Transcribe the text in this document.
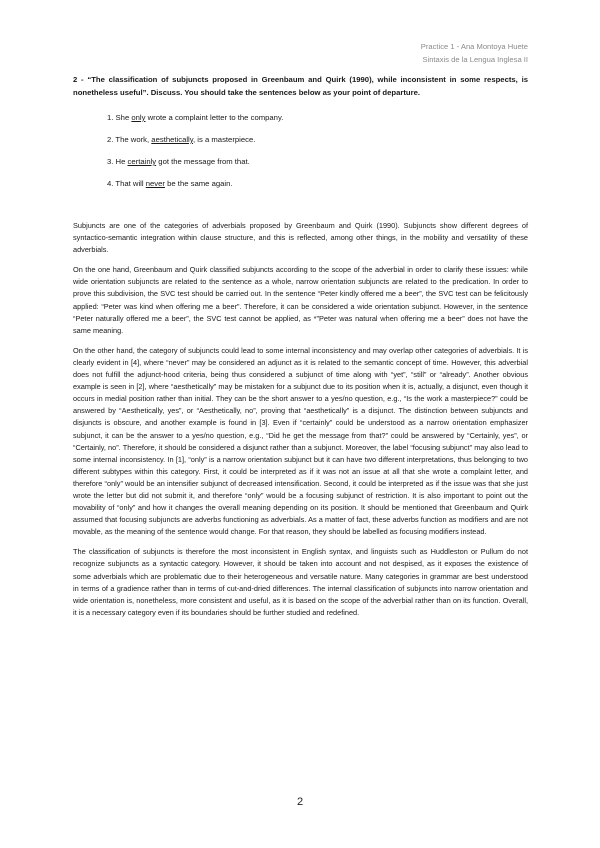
Practice 1 - Ana Montoya Huete
Sintaxis de la Lengua Inglesa II

2 - “The classification of subjuncts proposed in Greenbaum and Quirk (1990), while inconsistent in some respects, is nonetheless useful”. Discuss. You should take the sentences below as your point of departure.

1. She only wrote a complaint letter to the company.
2. The work, aesthetically, is a masterpiece.
3. He certainly got the message from that.
4. That will never be the same again.

Subjuncts are one of the categories of adverbials proposed by Greenbaum and Quirk (1990). Subjuncts show different degrees of syntactico-semantic integration within clause structure, and this is reflected, among other things, in the mobility and versatility of these adverbials.

On the one hand, Greenbaum and Quirk classified subjuncts according to the scope of the adverbial in order to clarify these issues: while wide orientation subjuncts are related to the sentence as a whole, narrow orientation subjuncts are related to the predication. In order to prove this subdivision, the SVC test should be carried out. In the sentence “Peter kindly offered me a beer”, the SVC test can be felicitously applied: “Peter was kind when offering me a beer”. Therefore, it can be considered a wide orientation subjunct. However, in the sentence “Peter naturally offered me a beer”, the SVC test cannot be applied, as *”Peter was natural when offering me a beer” does not have the same meaning.

On the other hand, the category of subjuncts could lead to some internal inconsistency and may overlap other categories of adverbials. It is clearly evident in [4], where “never” may be considered an adjunct as it is related to the semantic concept of time. However, this adverbial does not fulfill the adjunct-hood criteria, being thus considered a subjunct of time along with “yet”, “still” or “already”. Another obvious example is seen in [2], where “aesthetically” may be mistaken for a subjunct due to its position when it is, actually, a disjunct, even though it occurs in medial position rather than initial. They can be the short answer to a yes/no question, e.g., “Is the work a masterpiece?” could be answered by “Aesthetically, yes”, or “Aesthetically, no”, proving that “aesthetically” is a disjunct. The distinction between subjuncts and disjuncts is obscure, and another example is found in [3]. Even if “certainly” could be understood as a narrow orientation emphasizer subjunct, it can be the answer to a yes/no question, e.g., “Did he get the message from that?” could be answered by “Certainly, yes”, or “Certainly, no”. Therefore, it should be considered a disjunct rather than a subjunct. Moreover, the label “focusing subjunct” may also lead to some internal inconsistency. In [1], “only” is a narrow orientation subjunct but it can have two different interpretations, thus belonging to two different subtypes within this category. First, it could be interpreted as if it was not an issue at all that she wrote a complaint letter, and therefore “only” would be an intensifier subjunct of decreased intensification. Second, it could be interpreted as if the issue was that she just wrote the letter but did not submit it, and therefore “only” would be a focusing subjunct of restriction. It is also important to point out the movability of “only” and how it changes the overall meaning depending on its position. It should be mentioned that Greenbaum and Quirk assumed that focusing subjuncts are adverbs functioning as adverbials. As a matter of fact, these adverbs function as modifiers and are not movable, as the meaning of the sentence would change. For that reason, they should be labelled as focusing modifiers instead.

The classification of subjuncts is therefore the most inconsistent in English syntax, and linguists such as Huddleston or Pullum do not recognize subjuncts as a syntactic category. However, it should be taken into account and not despised, as it exposes the existence of some adverbials which are problematic due to their heterogeneous and versatile nature. Many categories in grammar are best understood in terms of a gradience rather than in terms of cut-and-dried differences. The internal classification of subjuncts into narrow orientation and wide orientation is, nonetheless, more consistent and useful, as it is based on the scope of the adverbial rather than on its function. Overall, it is a necessary category even if its boundaries should be further studied and redefined.

2
